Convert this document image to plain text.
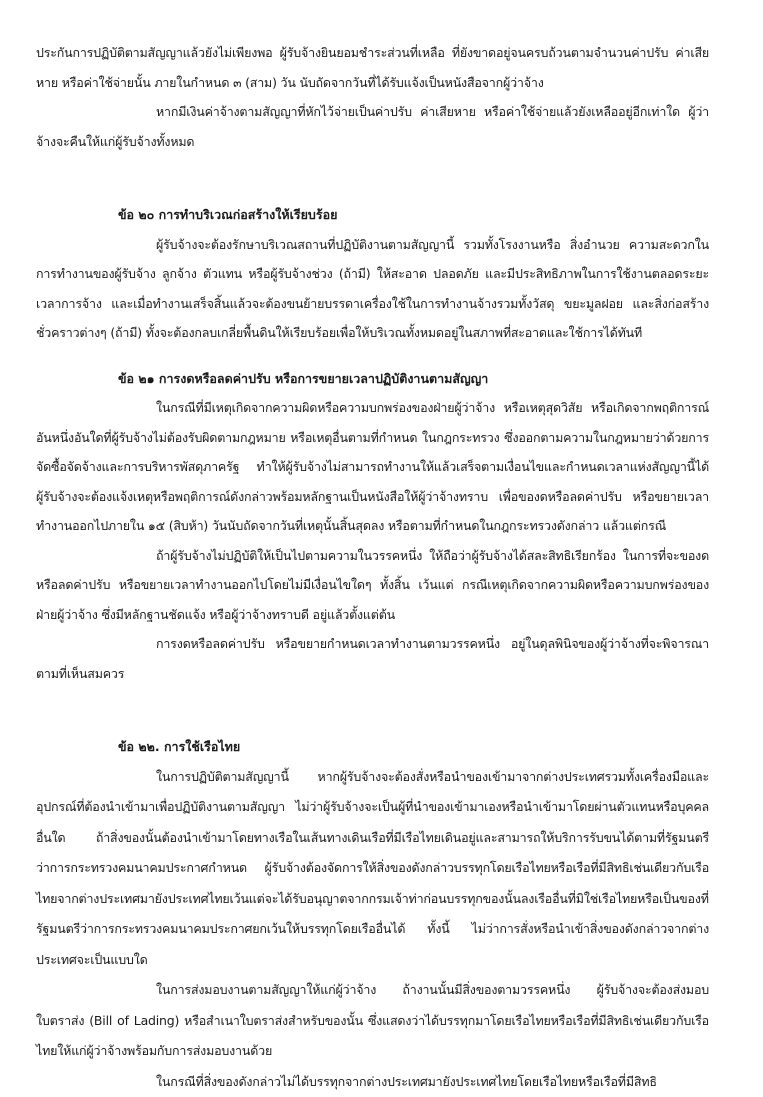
ประกันการปฏิบัติตามสัญญาแล้วยังไม่เพียงพอ ผู้รับจ้างยินยอมชำระส่วนที่เหลือ ที่ยังขาดอยู่จนครบถ้วนตามจำนวนค่าปรับ ค่าเสียหาย หรือค่าใช้จ่ายนั้น ภายในกำหนด ๓ (สาม) วัน นับถัดจากวันที่ได้รับแจ้งเป็นหนังสือจากผู้ว่าจ้าง

หากมีเงินค่าจ้างตามสัญญาที่หักไว้จ่ายเป็นค่าปรับ ค่าเสียหาย หรือค่าใช้จ่ายแล้วยังเหลืออยู่อีกเท่าใด ผู้ว่าจ้างจะคืนให้แก่ผู้รับจ้างทั้งหมด

ข้อ ๒๐ การทำบริเวณก่อสร้างให้เรียบร้อย

ผู้รับจ้างจะต้องรักษาบริเวณสถานที่ปฏิบัติงานตามสัญญานี้ รวมทั้งโรงงานหรือ สิ่งอำนวย ความสะดวกในการทำงานของผู้รับจ้าง ลูกจ้าง ตัวแทน หรือผู้รับจ้างช่วง (ถ้ามี) ให้สะอาด ปลอดภัย และมีประสิทธิภาพในการใช้งานตลอดระยะเวลาการจ้าง และเมื่อทำงานเสร็จสิ้นแล้วจะต้องขนย้ายบรรดาเครื่องใช้ในการทำงานจ้างรวมทั้งวัสดุ ขยะมูลฝอย และสิ่งก่อสร้างชั่วคราวต่างๆ (ถ้ามี) ทั้งจะต้องกลบเกลี่ยพื้นดินให้เรียบร้อยเพื่อให้บริเวณทั้งหมดอยู่ในสภาพที่สะอาดและใช้การได้ทันที

ข้อ ๒๑ การงดหรือลดค่าปรับ หรือการขยายเวลาปฏิบัติงานตามสัญญา

ในกรณีที่มีเหตุเกิดจากความผิดหรือความบกพร่องของฝ่ายผู้ว่าจ้าง หรือเหตุสุดวิสัย หรือเกิดจากพฤติการณ์อันหนึ่งอันใดที่ผู้รับจ้างไม่ต้องรับผิดตามกฎหมาย หรือเหตุอื่นตามที่กำหนด ในกฎกระทรวง ซึ่งออกตามความในกฎหมายว่าด้วยการจัดซื้อจัดจ้างและการบริหารพัสดุภาครัฐ ทำให้ผู้รับจ้างไม่สามารถทำงานให้แล้วเสร็จตามเงื่อนไขและกำหนดเวลาแห่งสัญญานี้ได้ ผู้รับจ้างจะต้องแจ้งเหตุหรือพฤติการณ์ดังกล่าวพร้อมหลักฐานเป็นหนังสือให้ผู้ว่าจ้างทราบ เพื่อของดหรือลดค่าปรับ หรือขยายเวลาทำงานออกไปภายใน ๑๕ (สิบห้า) วันนับถัดจากวันที่เหตุนั้นสิ้นสุดลง หรือตามที่กำหนดในกฎกระทรวงดังกล่าว แล้วแต่กรณี

ถ้าผู้รับจ้างไม่ปฏิบัติให้เป็นไปตามความในวรรคหนึ่ง ให้ถือว่าผู้รับจ้างได้สละสิทธิเรียกร้อง ในการที่จะของดหรือลดค่าปรับ หรือขยายเวลาทำงานออกไปโดยไม่มีเงื่อนไขใดๆ ทั้งสิ้น เว้นแต่ กรณีเหตุเกิดจากความผิดหรือความบกพร่องของฝ่ายผู้ว่าจ้าง ซึ่งมีหลักฐานชัดแจ้ง หรือผู้ว่าจ้างทราบดี อยู่แล้วตั้งแต่ต้น

การงดหรือลดค่าปรับ หรือขยายกำหนดเวลาทำงานตามวรรคหนึ่ง อยู่ในดุลพินิจของผู้ว่าจ้างที่จะพิจารณาตามที่เห็นสมควร

ข้อ ๒๒. การใช้เรือไทย

ในการปฏิบัติตามสัญญานี้ หากผู้รับจ้างจะต้องสั่งหรือนำของเข้ามาจากต่างประเทศรวมทั้งเครื่องมือและอุปกรณ์ที่ต้องนำเข้ามาเพื่อปฏิบัติงานตามสัญญา ไม่ว่าผู้รับจ้างจะเป็นผู้ที่นำของเข้ามาเองหรือนำเข้ามาโดยผ่านตัวแทนหรือบุคคลอื่นใด ถ้าสิ่งของนั้นต้องนำเข้ามาโดยทางเรือในเส้นทางเดินเรือที่มีเรือไทยเดินอยู่และสามารถให้บริการรับขนได้ตามที่รัฐมนตรีว่าการกระทรวงคมนาคมประกาศกำหนด ผู้รับจ้างต้องจัดการให้สิ่งของดังกล่าวบรรทุกโดยเรือไทยหรือเรือที่มีสิทธิเช่นเดียวกับเรือไทยจากต่างประเทศมายังประเทศไทยเว้นแต่จะได้รับอนุญาตจากกรมเจ้าท่าก่อนบรรทุกของนั้นลงเรืออื่นที่มิใช่เรือไทยหรือเป็นของที่รัฐมนตรีว่าการกระทรวงคมนาคมประกาศยกเว้นให้บรรทุกโดยเรืออื่นได้ ทั้งนี้ ไม่ว่าการสั่งหรือนำเข้าสิ่งของดังกล่าวจากต่างประเทศจะเป็นแบบใด

ในการส่งมอบงานตามสัญญาให้แก่ผู้ว่าจ้าง ถ้างานนั้นมีสิ่งของตามวรรคหนึ่ง ผู้รับจ้างจะต้องส่งมอบใบตราส่ง (Bill of Lading) หรือสำเนาใบตราส่งสำหรับของนั้น ซึ่งแสดงว่าได้บรรทุกมาโดยเรือไทยหรือเรือที่มีสิทธิเช่นเดียวกับเรือไทยให้แก่ผู้ว่าจ้างพร้อมกับการส่งมอบงานด้วย

ในกรณีที่สิ่งของดังกล่าวไม่ได้บรรทุกจากต่างประเทศมายังประเทศไทยโดยเรือไทยหรือเรือที่มีสิทธิ
